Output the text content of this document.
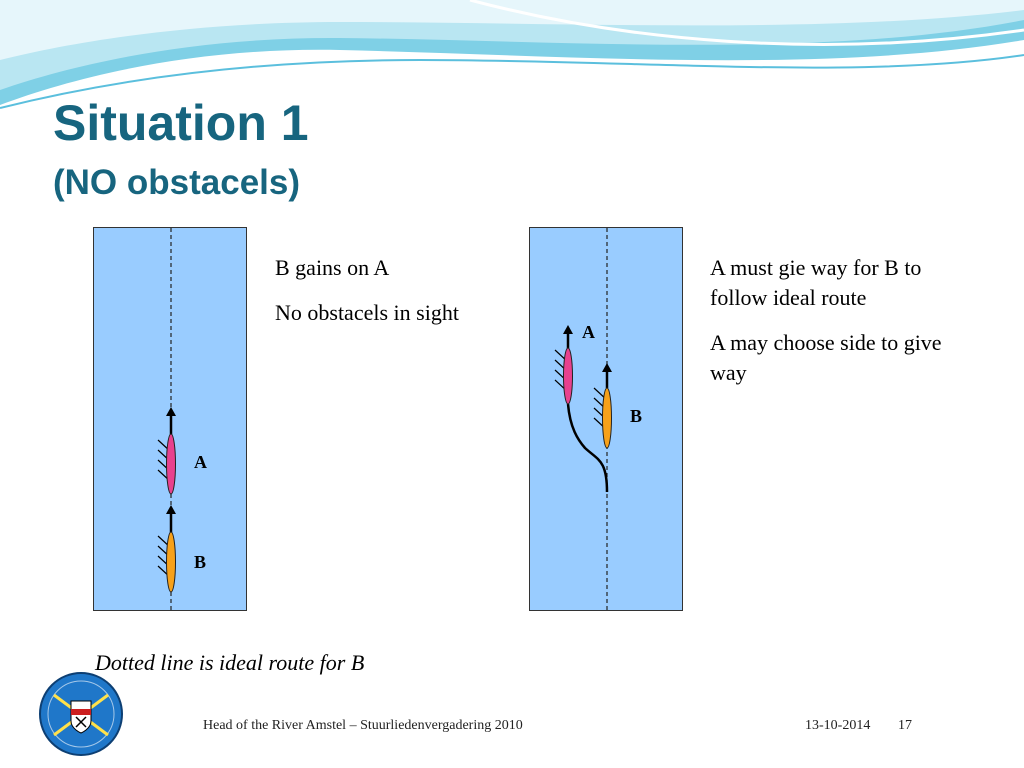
Situation 1
(NO obstacels)
A
B

B gains on A

No obstacels in sight

A
B

A must gie way for B to follow ideal route

A may choose side to give way

Dotted line is ideal route for B

Head of the River Amstel – Stuurliedenvergadering 2010	13-10-2014 17
